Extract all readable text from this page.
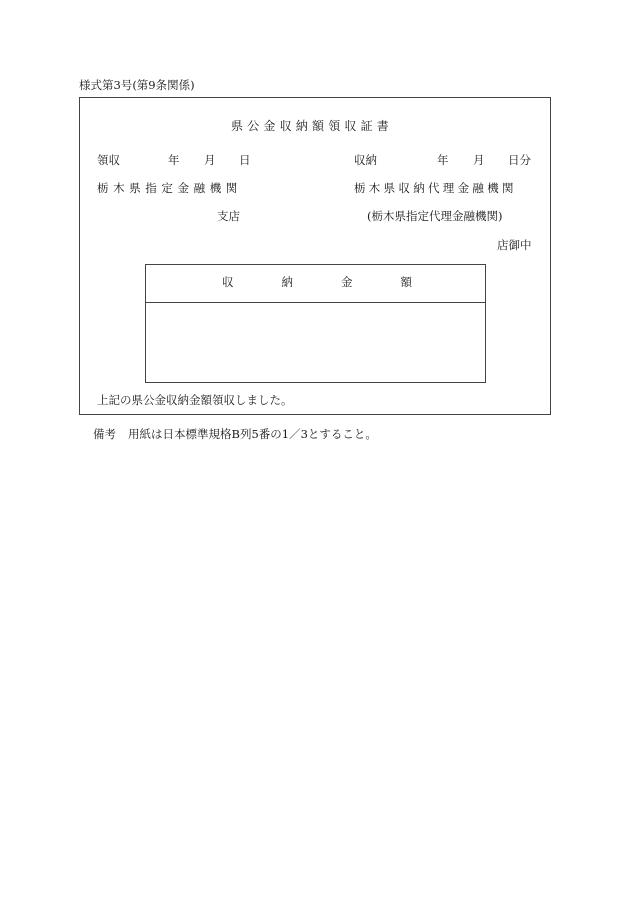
様式第3号(第9条関係)
県公金収納額領収証書
領収	年 月 日	収納	年 月 日分
栃木県指定金融機関	栃木県収納代理金融機関
支店	(栃木県指定代理金融機関)
店御中
収納金額
上記の県公金収納金額領収しました。
備考 用紙は日本標準規格B列5番の1／3とすること。
